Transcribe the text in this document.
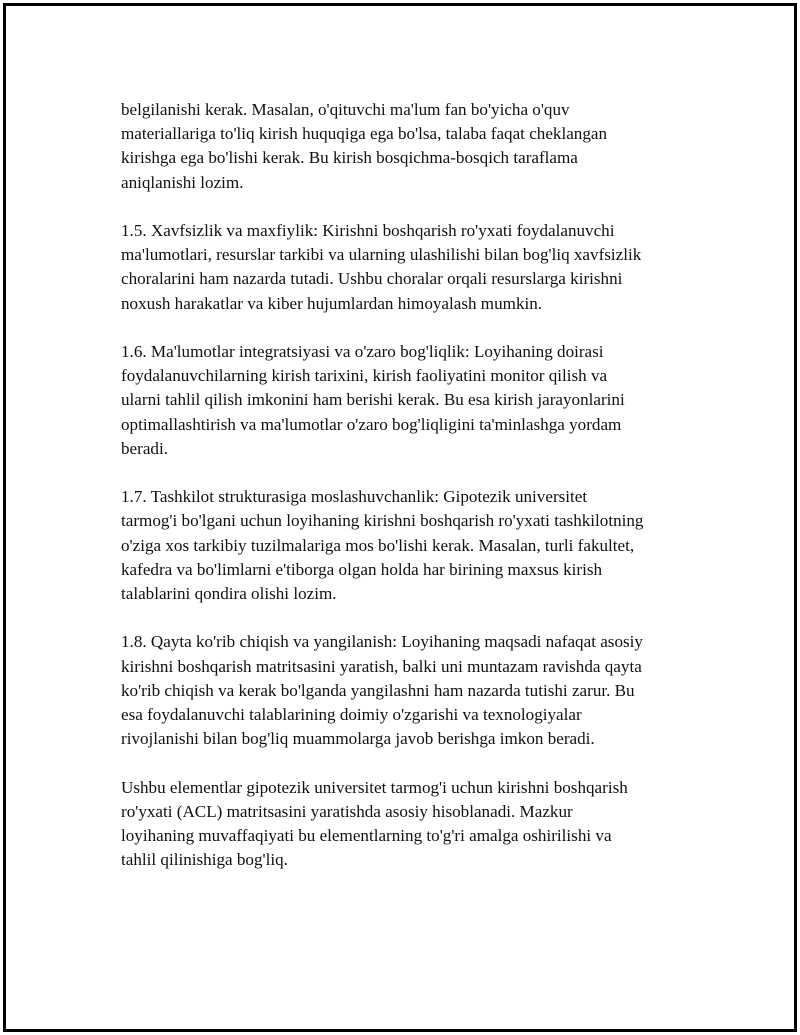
belgilanishi kerak. Masalan, o'qituvchi ma'lum fan bo'yicha o'quv
materiallariga to'liq kirish huquqiga ega bo'lsa, talaba faqat cheklangan
kirishga ega bo'lishi kerak. Bu kirish bosqichma-bosqich taraflama
aniqlanishi lozim.

1.5. Xavfsizlik va maxfiylik: Kirishni boshqarish ro'yxati foydalanuvchi
ma'lumotlari, resurslar tarkibi va ularning ulashilishi bilan bog'liq xavfsizlik
choralarini ham nazarda tutadi. Ushbu choralar orqali resurslarga kirishni
noxush harakatlar va kiber hujumlardan himoyalash mumkin.

1.6. Ma'lumotlar integratsiyasi va o'zaro bog'liqlik: Loyihaning doirasi
foydalanuvchilarning kirish tarixini, kirish faoliyatini monitor qilish va
ularni tahlil qilish imkonini ham berishi kerak. Bu esa kirish jarayonlarini
optimallashtirish va ma'lumotlar o'zaro bog'liqligini ta'minlashga yordam
beradi.

1.7. Tashkilot strukturasiga moslashuvchanlik: Gipotezik universitet
tarmog'i bo'lgani uchun loyihaning kirishni boshqarish ro'yxati tashkilotning
o'ziga xos tarkibiy tuzilmalariga mos bo'lishi kerak. Masalan, turli fakultet,
kafedra va bo'limlarni e'tiborga olgan holda har birining maxsus kirish
talablarini qondira olishi lozim.

1.8. Qayta ko'rib chiqish va yangilanish: Loyihaning maqsadi nafaqat asosiy
kirishni boshqarish matritsasini yaratish, balki uni muntazam ravishda qayta
ko'rib chiqish va kerak bo'lganda yangilashni ham nazarda tutishi zarur. Bu
esa foydalanuvchi talablarining doimiy o'zgarishi va texnologiyalar
rivojlanishi bilan bog'liq muammolarga javob berishga imkon beradi.

Ushbu elementlar gipotezik universitet tarmog'i uchun kirishni boshqarish
ro'yxati (ACL) matritsasini yaratishda asosiy hisoblanadi. Mazkur
loyihaning muvaffaqiyati bu elementlarning to'g'ri amalga oshirilishi va
tahlil qilinishiga bog'liq.
